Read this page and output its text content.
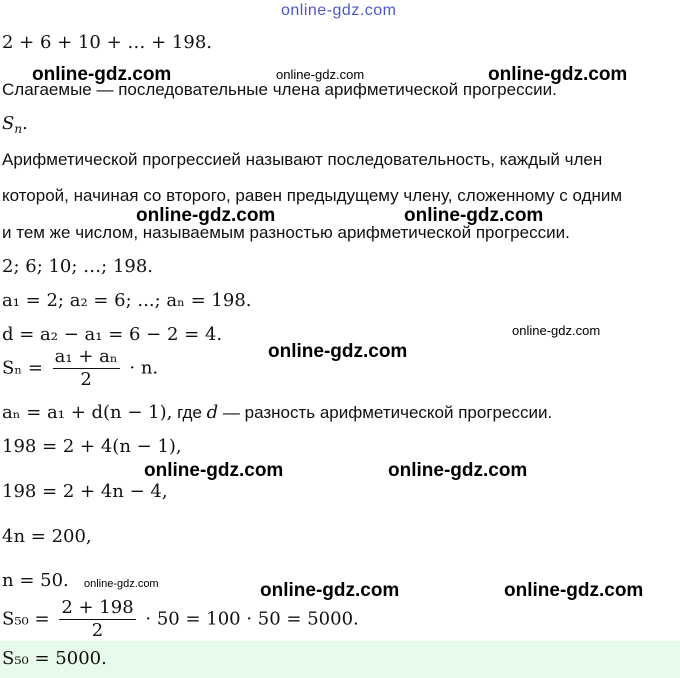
online-gdz.com
2 + 6 + 10 + … + 198.
Слагаемые — последовательные члена арифметической прогрессии.
$S_n$.
Арифметической прогрессией называют последовательность, каждый член
которой, начиная со второго, равен предыдущему члену, сложенному с одним
и тем же числом, называемым разностью арифметической прогрессии.
2; 6; 10; …; 198.
a₁ = 2; a₂ = 6; ...; aₙ = 198.
d = a₂ − a₁ = 6 − 2 = 4.
$S_n = \frac{\text{a₁ + aₙ}}{2} \cdot n$.
aₙ = a₁ + d(n − 1), где d — разность арифметической прогрессии.
198 = 2 + 4(n − 1),
198 = 2 + 4n − 4,
4n = 200,
n = 50.
$S_{50} = \frac{2 + 198}{2} \cdot 50 = 100 \cdot 50 = 5000$.
S₅₀ = 5000.
online-gdz.com	online-gdz.com	online-gdz.com
online-gdz.com	online-gdz.com
online-gdz.com
online-gdz.com
online-gdz.com	online-gdz.com
online-gdz.com	online-gdz.com	online-gdz.com
